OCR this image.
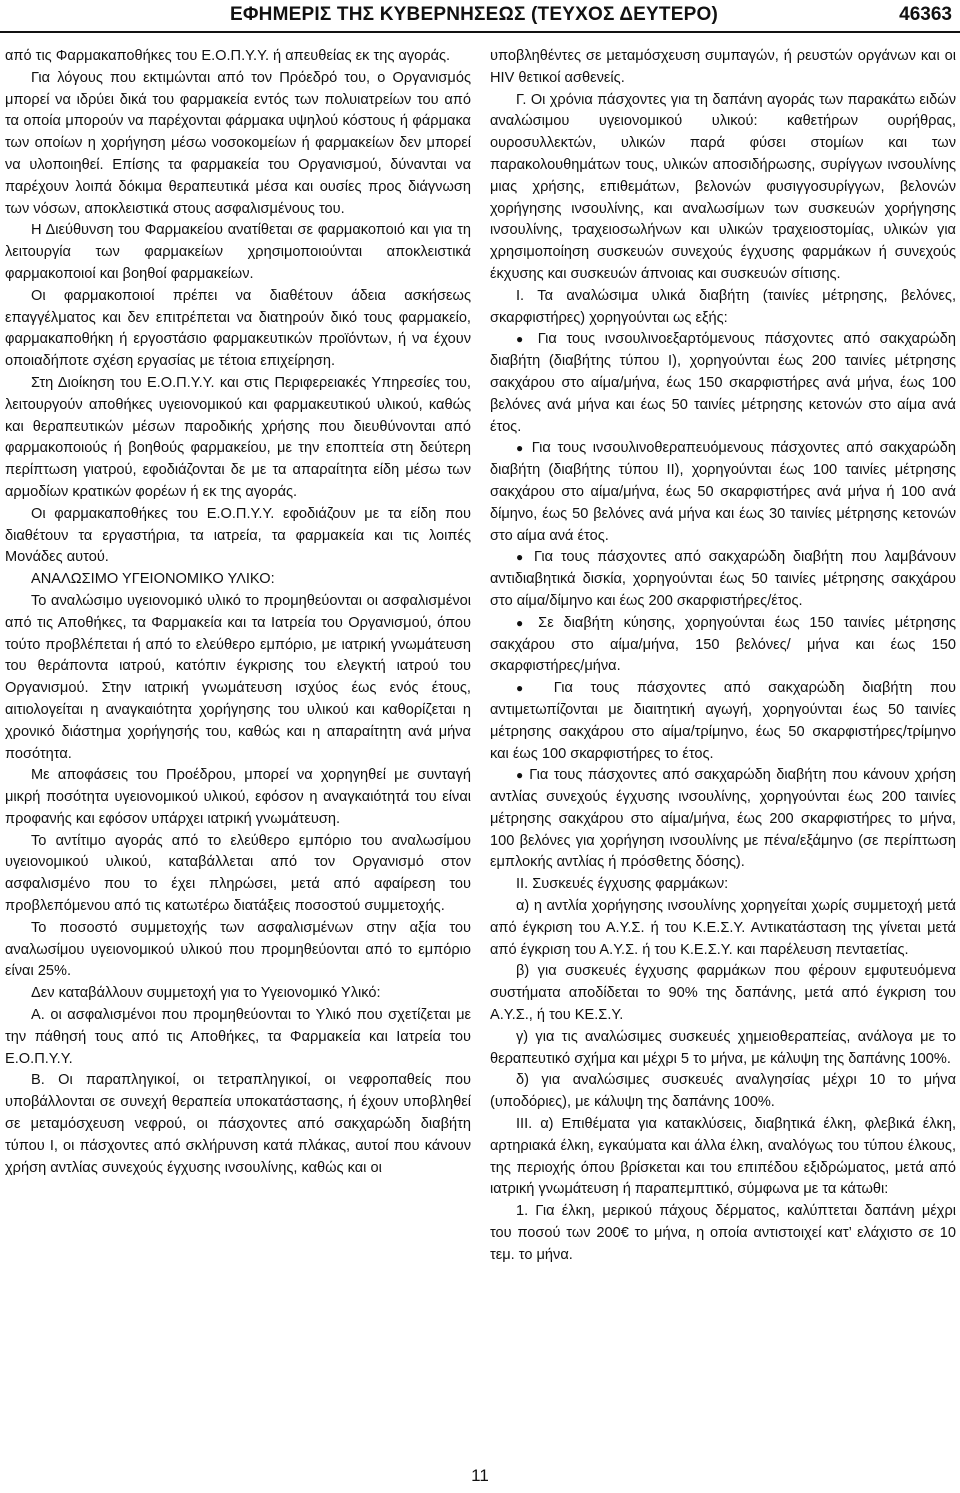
ΕΦΗΜΕΡΙΣ ΤΗΣ ΚΥΒΕΡΝΗΣΕΩΣ (ΤΕΥΧΟΣ ΔΕΥΤΕΡΟ)	46363

από τις Φαρμακαποθήκες του Ε.Ο.Π.Υ.Υ. ή απευθείας εκ της αγοράς.

Για λόγους που εκτιμώνται από τον Πρόεδρό του, ο Οργανισμός μπορεί να ιδρύει δικά του φαρμακεία εντός των πολυιατρείων του από τα οποία μπορούν να παρέχονται φάρμακα υψηλού κόστους ή φάρμακα των οποίων η χορήγηση μέσω νοσοκομείων ή φαρμακείων δεν μπορεί να υλοποιηθεί. Επίσης τα φαρμακεία του Οργανισμού, δύνανται να παρέχουν λοιπά δόκιμα θεραπευτικά μέσα και ουσίες προς διάγνωση των νόσων, αποκλειστικά στους ασφαλισμένους του.

Η Διεύθυνση του Φαρμακείου ανατίθεται σε φαρμακοποιό και για τη λειτουργία των φαρμακείων χρησιμοποιούνται αποκλειστικά φαρμακοποιοί και βοηθοί φαρμακείων.

Οι φαρμακοποιοί πρέπει να διαθέτουν άδεια ασκήσεως επαγγέλματος και δεν επιτρέπεται να διατηρούν δικό τους φαρμακείο, φαρμακαποθήκη ή εργοστάσιο φαρμακευτικών προϊόντων, ή να έχουν οποιαδήποτε σχέση εργασίας με τέτοια επιχείρηση.

Στη Διοίκηση του Ε.Ο.Π.Υ.Υ. και στις Περιφερειακές Υπηρεσίες του, λειτουργούν αποθήκες υγειονομικού και φαρμακευτικού υλικού, καθώς και θεραπευτικών μέσων παροδικής χρήσης που διευθύνονται από φαρμακοποιούς ή βοηθούς φαρμακείου, με την εποπτεία στη δεύτερη περίπτωση γιατρού, εφοδιάζονται δε με τα απαραίτητα είδη μέσω των αρμοδίων κρατικών φορέων ή εκ της αγοράς.

Οι φαρμακαποθήκες του Ε.Ο.Π.Υ.Υ. εφοδιάζουν με τα είδη που διαθέτουν τα εργαστήρια, τα ιατρεία, τα φαρμακεία και τις λοιπές Μονάδες αυτού.

ΑΝΑΛΩΣΙΜΟ ΥΓΕΙΟΝΟΜΙΚΟ ΥΛΙΚΟ:

Το αναλώσιμο υγειονομικό υλικό το προμηθεύονται οι ασφαλισμένοι από τις Αποθήκες, τα Φαρμακεία και τα Ιατρεία του Οργανισμού, όπου τούτο προβλέπεται ή από το ελεύθερο εμπόριο, με ιατρική γνωμάτευση του θεράποντα ιατρού, κατόπιν έγκρισης του ελεγκτή ιατρού του Οργανισμού. Στην ιατρική γνωμάτευση ισχύος έως ενός έτους, αιτιολογείται η αναγκαιότητα χορήγησης του υλικού και καθορίζεται η χρονικό διάστημα χορήγησής του, καθώς και η απαραίτητη ανά μήνα ποσότητα.

Με αποφάσεις του Προέδρου, μπορεί να χορηγηθεί με συνταγή μικρή ποσότητα υγειονομικού υλικού, εφόσον η αναγκαιότητά του είναι προφανής και εφόσον υπάρχει ιατρική γνωμάτευση.

Το αντίτιμο αγοράς από το ελεύθερο εμπόριο του αναλωσίμου υγειονομικού υλικού, καταβάλλεται από τον Οργανισμό στον ασφαλισμένο που το έχει πληρώσει, μετά από αφαίρεση του προβλεπόμενου από τις κατωτέρω διατάξεις ποσοστού συμμετοχής.

Το ποσοστό συμμετοχής των ασφαλισμένων στην αξία του αναλωσίμου υγειονομικού υλικού που προμηθεύονται από το εμπόριο είναι 25%.

Δεν καταβάλλουν συμμετοχή για το Υγειονομικό Υλικό:

Α. οι ασφαλισμένοι που προμηθεύονται το Υλικό που σχετίζεται με την πάθησή τους από τις Αποθήκες, τα Φαρμακεία και Ιατρεία του Ε.Ο.Π.Υ.Υ.

Β. Οι παραπληγικοί, οι τετραπληγικοί, οι νεφροπαθείς που υποβάλλονται σε συνεχή θεραπεία υποκατάστασης, ή έχουν υποβληθεί σε μεταμόσχευση νεφρού, οι πάσχοντες από σακχαρώδη διαβήτη τύπου Ι, οι πάσχοντες από σκλήρυνση κατά πλάκας, αυτοί που κάνουν χρήση αντλίας συνεχούς έγχυσης ινσουλίνης, καθώς και οι

υποβληθέντες σε μεταμόσχευση συμπαγών, ή ρευστών οργάνων και οι HIV θετικοί ασθενείς.

Γ. Οι χρόνια πάσχοντες για τη δαπάνη αγοράς των παρακάτω ειδών αναλώσιμου υγειονομικού υλικού: καθετήρων ουρήθρας, ουροσυλλεκτών, υλικών παρά φύσει στομίων και των παρακολουθημάτων τους, υλικών αποσιδήρωσης, συρίγγων ινσουλίνης μιας χρήσης, επιθεμάτων, βελονών φυσιγγοσυρίγγων, βελονών χορήγησης ινσουλίνης, και αναλωσίμων των συσκευών χορήγησης ινσουλίνης, τραχειοσωλήνων και υλικών τραχειοστομίας, υλικών για χρησιμοποίηση συσκευών συνεχούς έγχυσης φαρμάκων ή συνεχούς έκχυσης και συσκευών άπνοιας και συσκευών σίτισης.

Ι. Τα αναλώσιμα υλικά διαβήτη (ταινίες μέτρησης, βελόνες, σκαρφιστήρες) χορηγούνται ως εξής:

● Για τους ινσουλινοεξαρτόμενους πάσχοντες από σακχαρώδη διαβήτη (διαβήτης τύπου Ι), χορηγούνται έως 200 ταινίες μέτρησης σακχάρου στο αίμα/μήνα, έως 150 σκαρφιστήρες ανά μήνα, έως 100 βελόνες ανά μήνα και έως 50 ταινίες μέτρησης κετονών στο αίμα ανά έτος.

● Για τους ινσουλινοθεραπευόμενους πάσχοντες από σακχαρώδη διαβήτη (διαβήτης τύπου ΙΙ), χορηγούνται έως 100 ταινίες μέτρησης σακχάρου στο αίμα/μήνα, έως 50 σκαρφιστήρες ανά μήνα ή 100 ανά δίμηνο, έως 50 βελόνες ανά μήνα και έως 30 ταινίες μέτρησης κετονών στο αίμα ανά έτος.

● Για τους πάσχοντες από σακχαρώδη διαβήτη που λαμβάνουν αντιδιαβητικά δισκία, χορηγούνται έως 50 ταινίες μέτρησης σακχάρου στο αίμα/δίμηνο και έως 200 σκαρφιστήρες/έτος.

● Σε διαβήτη κύησης, χορηγούνται έως 150 ταινίες μέτρησης σακχάρου στο αίμα/μήνα, 150 βελόνες/ μήνα και έως 150 σκαρφιστήρες/μήνα.

● Για τους πάσχοντες από σακχαρώδη διαβήτη που αντιμετωπίζονται με διαιτητική αγωγή, χορηγούνται έως 50 ταινίες μέτρησης σακχάρου στο αίμα/τρίμηνο, έως 50 σκαρφιστήρες/τρίμηνο και έως 100 σκαρφιστήρες το έτος.

● Για τους πάσχοντες από σακχαρώδη διαβήτη που κάνουν χρήση αντλίας συνεχούς έγχυσης ινσουλίνης, χορηγούνται έως 200 ταινίες μέτρησης σακχάρου στο αίμα/μήνα, έως 200 σκαρφιστήρες το μήνα, 100 βελόνες για χορήγηση ινσουλίνης με πένα/εξάμηνο (σε περίπτωση εμπλοκής αντλίας ή πρόσθετης δόσης).

ΙΙ. Συσκευές έγχυσης φαρμάκων:

α) η αντλία χορήγησης ινσουλίνης χορηγείται χωρίς συμμετοχή μετά από έγκριση του Α.Υ.Σ. ή του Κ.Ε.Σ.Υ. Αντικατάσταση της γίνεται μετά από έγκριση του Α.Υ.Σ. ή του Κ.Ε.Σ.Υ. και παρέλευση πενταετίας.

β) για συσκευές έγχυσης φαρμάκων που φέρουν εμφυτευόμενα συστήματα αποδίδεται το 90% της δαπάνης, μετά από έγκριση του Α.Υ.Σ., ή του ΚΕ.Σ.Υ.

γ) για τις αναλώσιμες συσκευές χημειοθεραπείας, ανάλογα με το θεραπευτικό σχήμα και μέχρι 5 το μήνα, με κάλυψη της δαπάνης 100%.

δ) για αναλώσιμες συσκευές αναλγησίας μέχρι 10 το μήνα (υποδόριες), με κάλυψη της δαπάνης 100%.

ΙΙΙ. α) Επιθέματα για κατακλύσεις, διαβητικά έλκη, φλεβικά έλκη, αρτηριακά έλκη, εγκαύματα και άλλα έλκη, αναλόγως του τύπου έλκους, της περιοχής όπου βρίσκεται και του επιπέδου εξιδρώματος, μετά από ιατρική γνωμάτευση ή παραπεμπτικό, σύμφωνα με τα κάτωθι:

1. Για έλκη, μερικού πάχους δέρματος, καλύπτεται δαπάνη μέχρι του ποσού των 200€ το μήνα, η οποία αντιστοιχεί κατ’ ελάχιστο σε 10 τεμ. το μήνα.

11
